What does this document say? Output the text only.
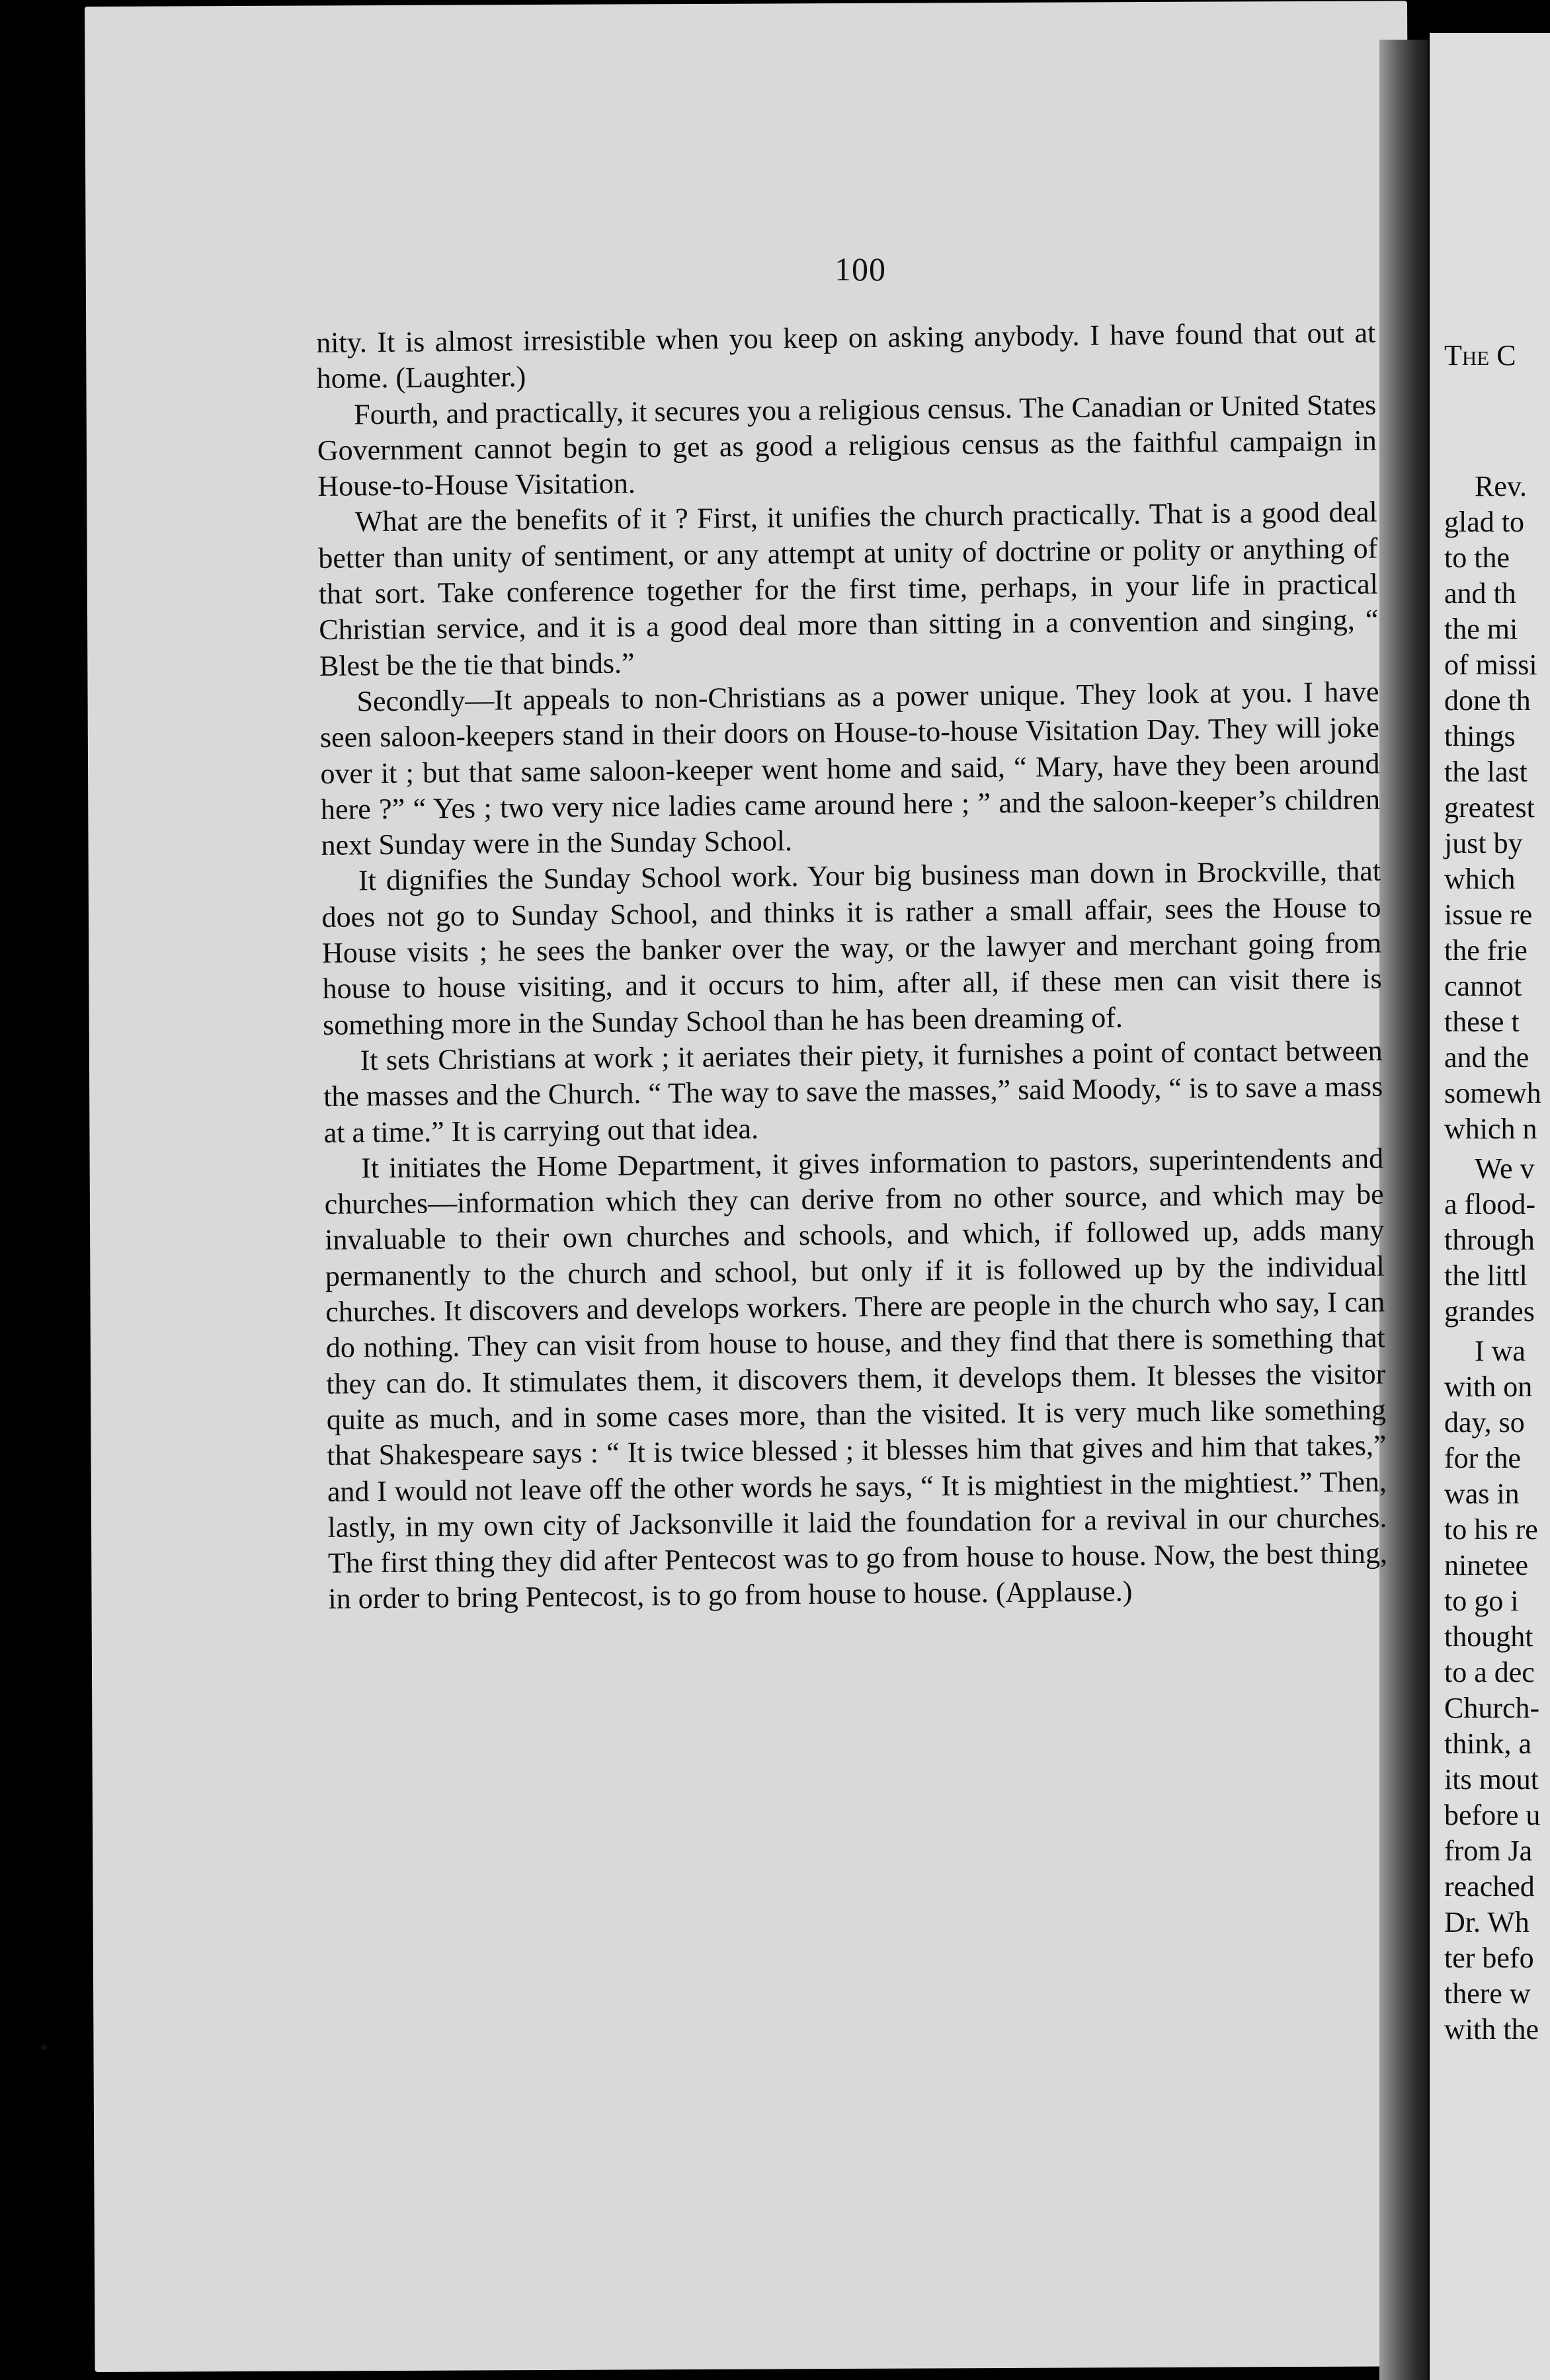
The C
Rev.
glad to
to the
and th
the mi
of missi
done th
things
the last
greatest
just by
which
issue re
the frie
cannot
these t
and the
somewh
which n
We v
a flood-
through
the littl
grandes
I wa
with on
day, so
for the
was in
to his re
ninetee
to go i
thought
to a dec
Church-
think, a
its mout
before u
from Ja
reached
Dr. Wh
ter befo
there w
with the
100

nity. It is almost irresistible when you keep on asking anybody. I have found that out at home. (Laughter.)

Fourth, and practically, it secures you a religious census. The Canadian or United States Government cannot begin to get as good a religious census as the faithful campaign in House-to-House Visitation.

What are the benefits of it ? First, it unifies the church practically. That is a good deal better than unity of sentiment, or any attempt at unity of doctrine or polity or anything of that sort. Take conference together for the first time, perhaps, in your life in practical Christian service, and it is a good deal more than sitting in a convention and singing, “ Blest be the tie that binds.”

Secondly—It appeals to non-Christians as a power unique. They look at you. I have seen saloon-keepers stand in their doors on House-to-house Visitation Day. They will joke over it ; but that same saloon-keeper went home and said, “ Mary, have they been around here ?” “ Yes ; two very nice ladies came around here ; ” and the saloon-keeper’s children next Sunday were in the Sunday School.

It dignifies the Sunday School work. Your big business man down in Brockville, that does not go to Sunday School, and thinks it is rather a small affair, sees the House to House visits ; he sees the banker over the way, or the lawyer and merchant going from house to house visiting, and it occurs to him, after all, if these men can visit there is something more in the Sunday School than he has been dreaming of.

It sets Christians at work ; it aeriates their piety, it furnishes a point of contact between the masses and the Church. “ The way to save the masses,” said Moody, “ is to save a mass at a time.” It is carrying out that idea.

It initiates the Home Department, it gives information to pastors, superintendents and churches—information which they can derive from no other source, and which may be invaluable to their own churches and schools, and which, if followed up, adds many permanently to the church and school, but only if it is followed up by the individual churches. It discovers and develops workers. There are people in the church who say, I can do nothing. They can visit from house to house, and they find that there is something that they can do. It stimulates them, it discovers them, it develops them. It blesses the visitor quite as much, and in some cases more, than the visited. It is very much like something that Shakespeare says : “ It is twice blessed ; it blesses him that gives and him that takes,” and I would not leave off the other words he says, “ It is mightiest in the mightiest.” Then, lastly, in my own city of Jacksonville it laid the foundation for a revival in our churches. The first thing they did after Pentecost was to go from house to house. Now, the best thing, in order to bring Pentecost, is to go from house to house. (Applause.)
